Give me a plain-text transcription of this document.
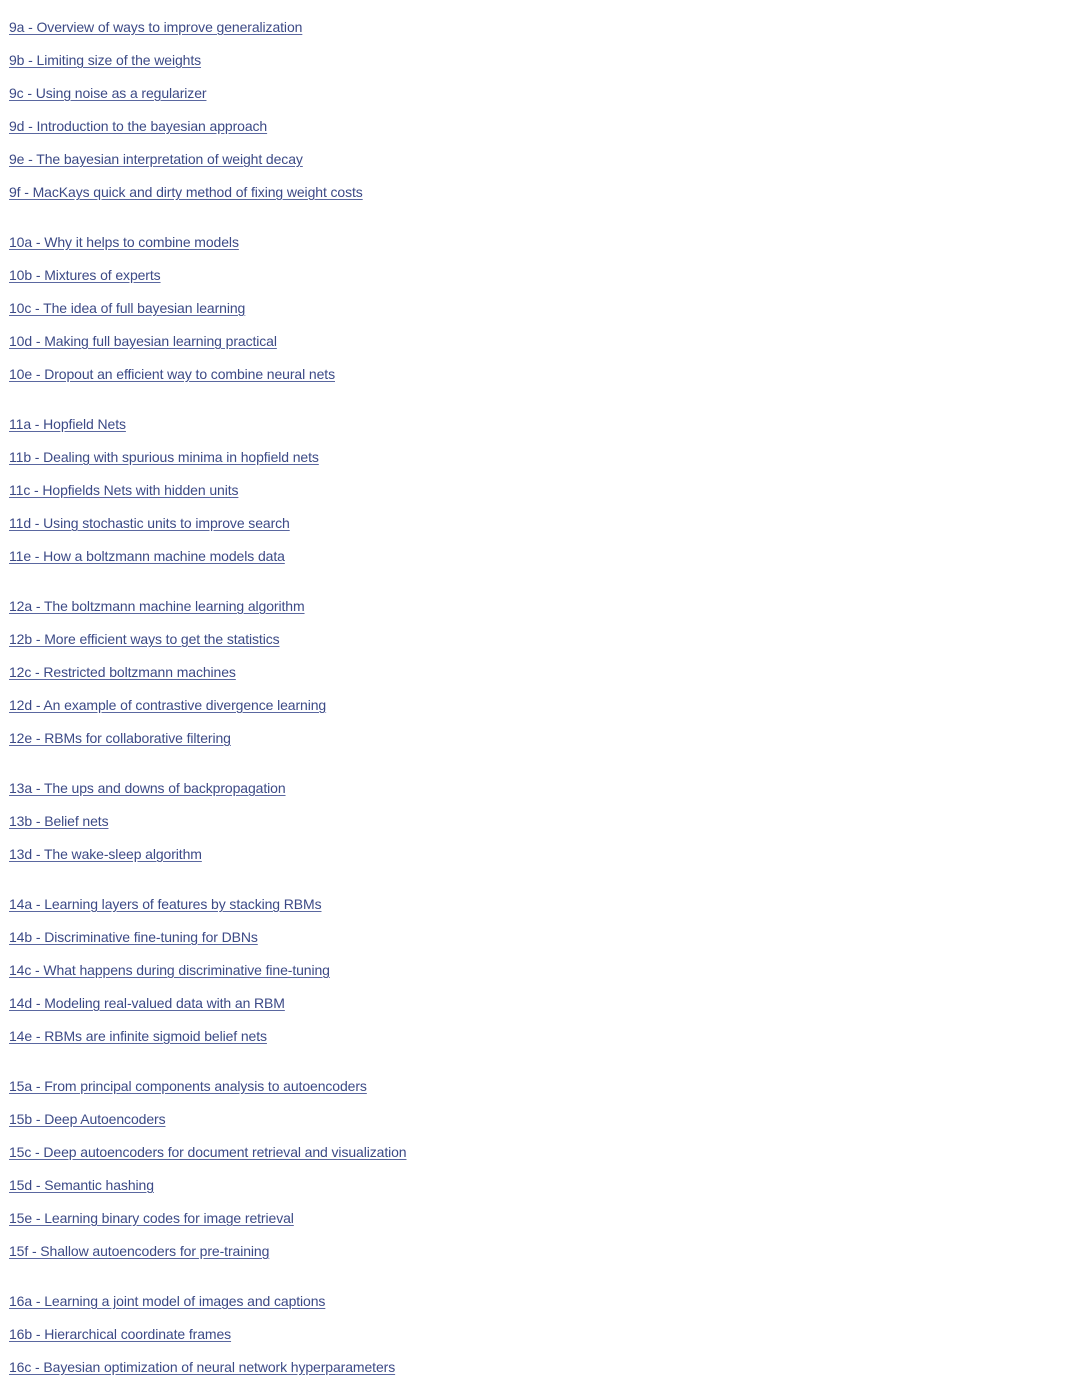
9a - Overview of ways to improve generalization
9b - Limiting size of the weights
9c - Using noise as a regularizer
9d - Introduction to the bayesian approach
9e - The bayesian interpretation of weight decay
9f - MacKays quick and dirty method of fixing weight costs
10a - Why it helps to combine models
10b - Mixtures of experts
10c - The idea of full bayesian learning
10d - Making full bayesian learning practical
10e - Dropout an efficient way to combine neural nets
11a - Hopfield Nets
11b - Dealing with spurious minima in hopfield nets
11c - Hopfields Nets with hidden units
11d - Using stochastic units to improve search
11e - How a boltzmann machine models data
12a - The boltzmann machine learning algorithm
12b - More efficient ways to get the statistics
12c - Restricted boltzmann machines
12d - An example of contrastive divergence learning
12e - RBMs for collaborative filtering
13a - The ups and downs of backpropagation
13b - Belief nets
13d - The wake-sleep algorithm
14a - Learning layers of features by stacking RBMs
14b - Discriminative fine-tuning for DBNs
14c - What happens during discriminative fine-tuning
14d - Modeling real-valued data with an RBM
14e - RBMs are infinite sigmoid belief nets
15a - From principal components analysis to autoencoders
15b - Deep Autoencoders
15c - Deep autoencoders for document retrieval and visualization
15d - Semantic hashing
15e - Learning binary codes for image retrieval
15f - Shallow autoencoders for pre-training
16a - Learning a joint model of images and captions
16b - Hierarchical coordinate frames
16c - Bayesian optimization of neural network hyperparameters
